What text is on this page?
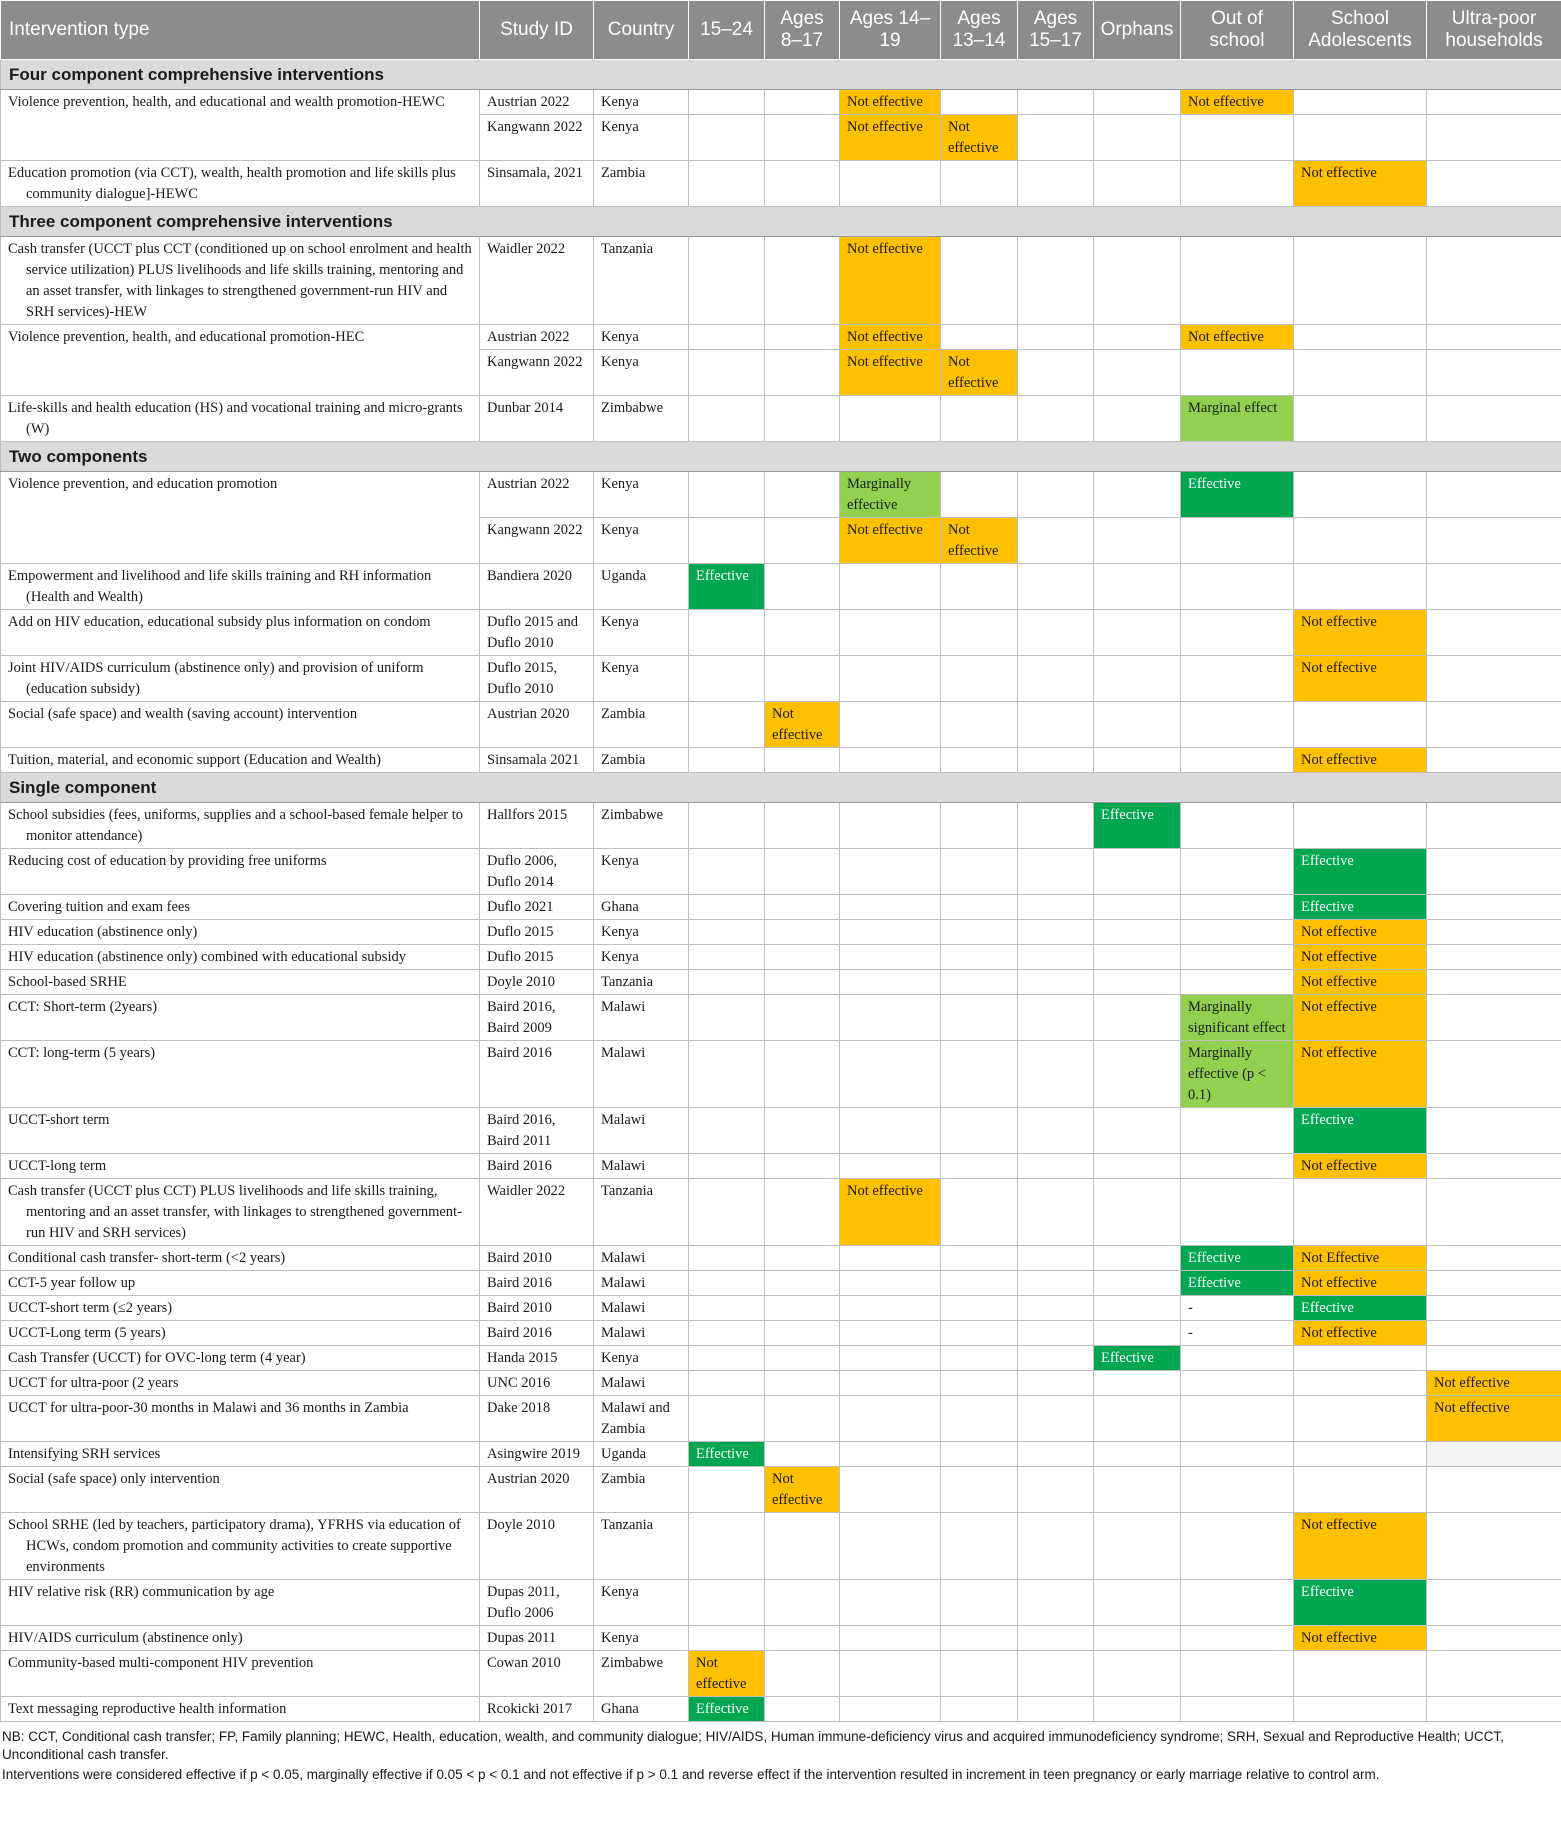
Intervention type	Study ID	Country	15–24	Ages 8–17	Ages 14–19	Ages 13–14	Ages 15–17	Orphans	Out of school	School Adolescents	Ultra-poor households
Four component comprehensive interventions											

Violence prevention, health, and educational and wealth promotion-HEWC	Austrian 2022	Kenya			Not effective				Not effective		
	Kangwann 2022	Kenya			Not effective	Not effective					

Education promotion (via CCT), wealth, health promotion and life skills plus community dialogue]-HEWC	Sinsamala, 2021	Zambia								Not effective	
Three component comprehensive interventions											

Cash transfer (UCCT plus CCT (conditioned up on school enrolment and health service utilization) PLUS livelihoods and life skills training, mentoring and an asset transfer, with linkages to strengthened government-run HIV and SRH services)-HEW	Waidler 2022	Tanzania			Not effective						

Violence prevention, health, and educational promotion-HEC	Austrian 2022	Kenya			Not effective				Not effective		
	Kangwann 2022	Kenya			Not effective	Not effective					

Life-skills and health education (HS) and vocational training and micro-grants (W)	Dunbar 2014	Zimbabwe							Marginal effect		
Two components											

Violence prevention, and education promotion	Austrian 2022	Kenya			Marginally effective				Effective		
	Kangwann 2022	Kenya			Not effective	Not effective					

Empowerment and livelihood and life skills training and RH information (Health and Wealth)	Bandiera 2020	Uganda	Effective								

Add on HIV education, educational subsidy plus information on condom	Duflo 2015 and Duflo 2010	Kenya								Not effective	

Joint HIV/AIDS curriculum (abstinence only) and provision of uniform (education subsidy)	Duflo 2015, Duflo 2010	Kenya								Not effective	

Social (safe space) and wealth (saving account) intervention	Austrian 2020	Zambia		Not effective							

Tuition, material, and economic support (Education and Wealth)	Sinsamala 2021	Zambia								Not effective	
Single component											

School subsidies (fees, uniforms, supplies and a school-based female helper to monitor attendance)	Hallfors 2015	Zimbabwe						Effective			

Reducing cost of education by providing free uniforms	Duflo 2006, Duflo 2014	Kenya								Effective	

Covering tuition and exam fees	Duflo 2021	Ghana								Effective	

HIV education (abstinence only)	Duflo 2015	Kenya								Not effective	

HIV education (abstinence only) combined with educational subsidy	Duflo 2015	Kenya								Not effective	

School-based SRHE	Doyle 2010	Tanzania								Not effective	

CCT: Short-term (2years)	Baird 2016, Baird 2009	Malawi							Marginally significant effect	Not effective	

CCT: long-term (5 years)	Baird 2016	Malawi							Marginally effective (p < 0.1)	Not effective	

UCCT-short term	Baird 2016, Baird 2011	Malawi								Effective	

UCCT-long term	Baird 2016	Malawi								Not effective	

Cash transfer (UCCT plus CCT) PLUS livelihoods and life skills training, mentoring and an asset transfer, with linkages to strengthened government-run HIV and SRH services)	Waidler 2022	Tanzania			Not effective						

Conditional cash transfer- short-term (<2 years)	Baird 2010	Malawi							Effective	Not Effective	

CCT-5 year follow up	Baird 2016	Malawi							Effective	Not effective	

UCCT-short term (≤2 years)	Baird 2010	Malawi							-	Effective	

UCCT-Long term (5 years)	Baird 2016	Malawi							-	Not effective	

Cash Transfer (UCCT) for OVC-long term (4 year)	Handa 2015	Kenya						Effective			

UCCT for ultra-poor (2 years	UNC 2016	Malawi									Not effective

UCCT for ultra-poor-30 months in Malawi and 36 months in Zambia	Dake 2018	Malawi and Zambia									Not effective

Intensifying SRH services	Asingwire 2019	Uganda	Effective								

Social (safe space) only intervention	Austrian 2020	Zambia		Not effective							

School SRHE (led by teachers, participatory drama), YFRHS via education of HCWs, condom promotion and community activities to create supportive environments	Doyle 2010	Tanzania								Not effective	

HIV relative risk (RR) communication by age	Dupas 2011, Duflo 2006	Kenya								Effective	

HIV/AIDS curriculum (abstinence only)	Dupas 2011	Kenya								Not effective	

Community-based multi-component HIV prevention	Cowan 2010	Zimbabwe	Not effective								

Text messaging reproductive health information	Rcokicki 2017	Ghana	Effective								
NB: CCT, Conditional cash transfer; FP, Family planning; HEWC, Health, education, wealth, and community dialogue; HIV/AIDS, Human immune-deficiency virus and acquired immunodeficiency syndrome; SRH, Sexual and Reproductive Health; UCCT, Unconditional cash transfer.
Interventions were considered effective if p < 0.05, marginally effective if 0.05 < p < 0.1 and not effective if p > 0.1 and reverse effect if the intervention resulted in increment in teen pregnancy or early marriage relative to control arm.
